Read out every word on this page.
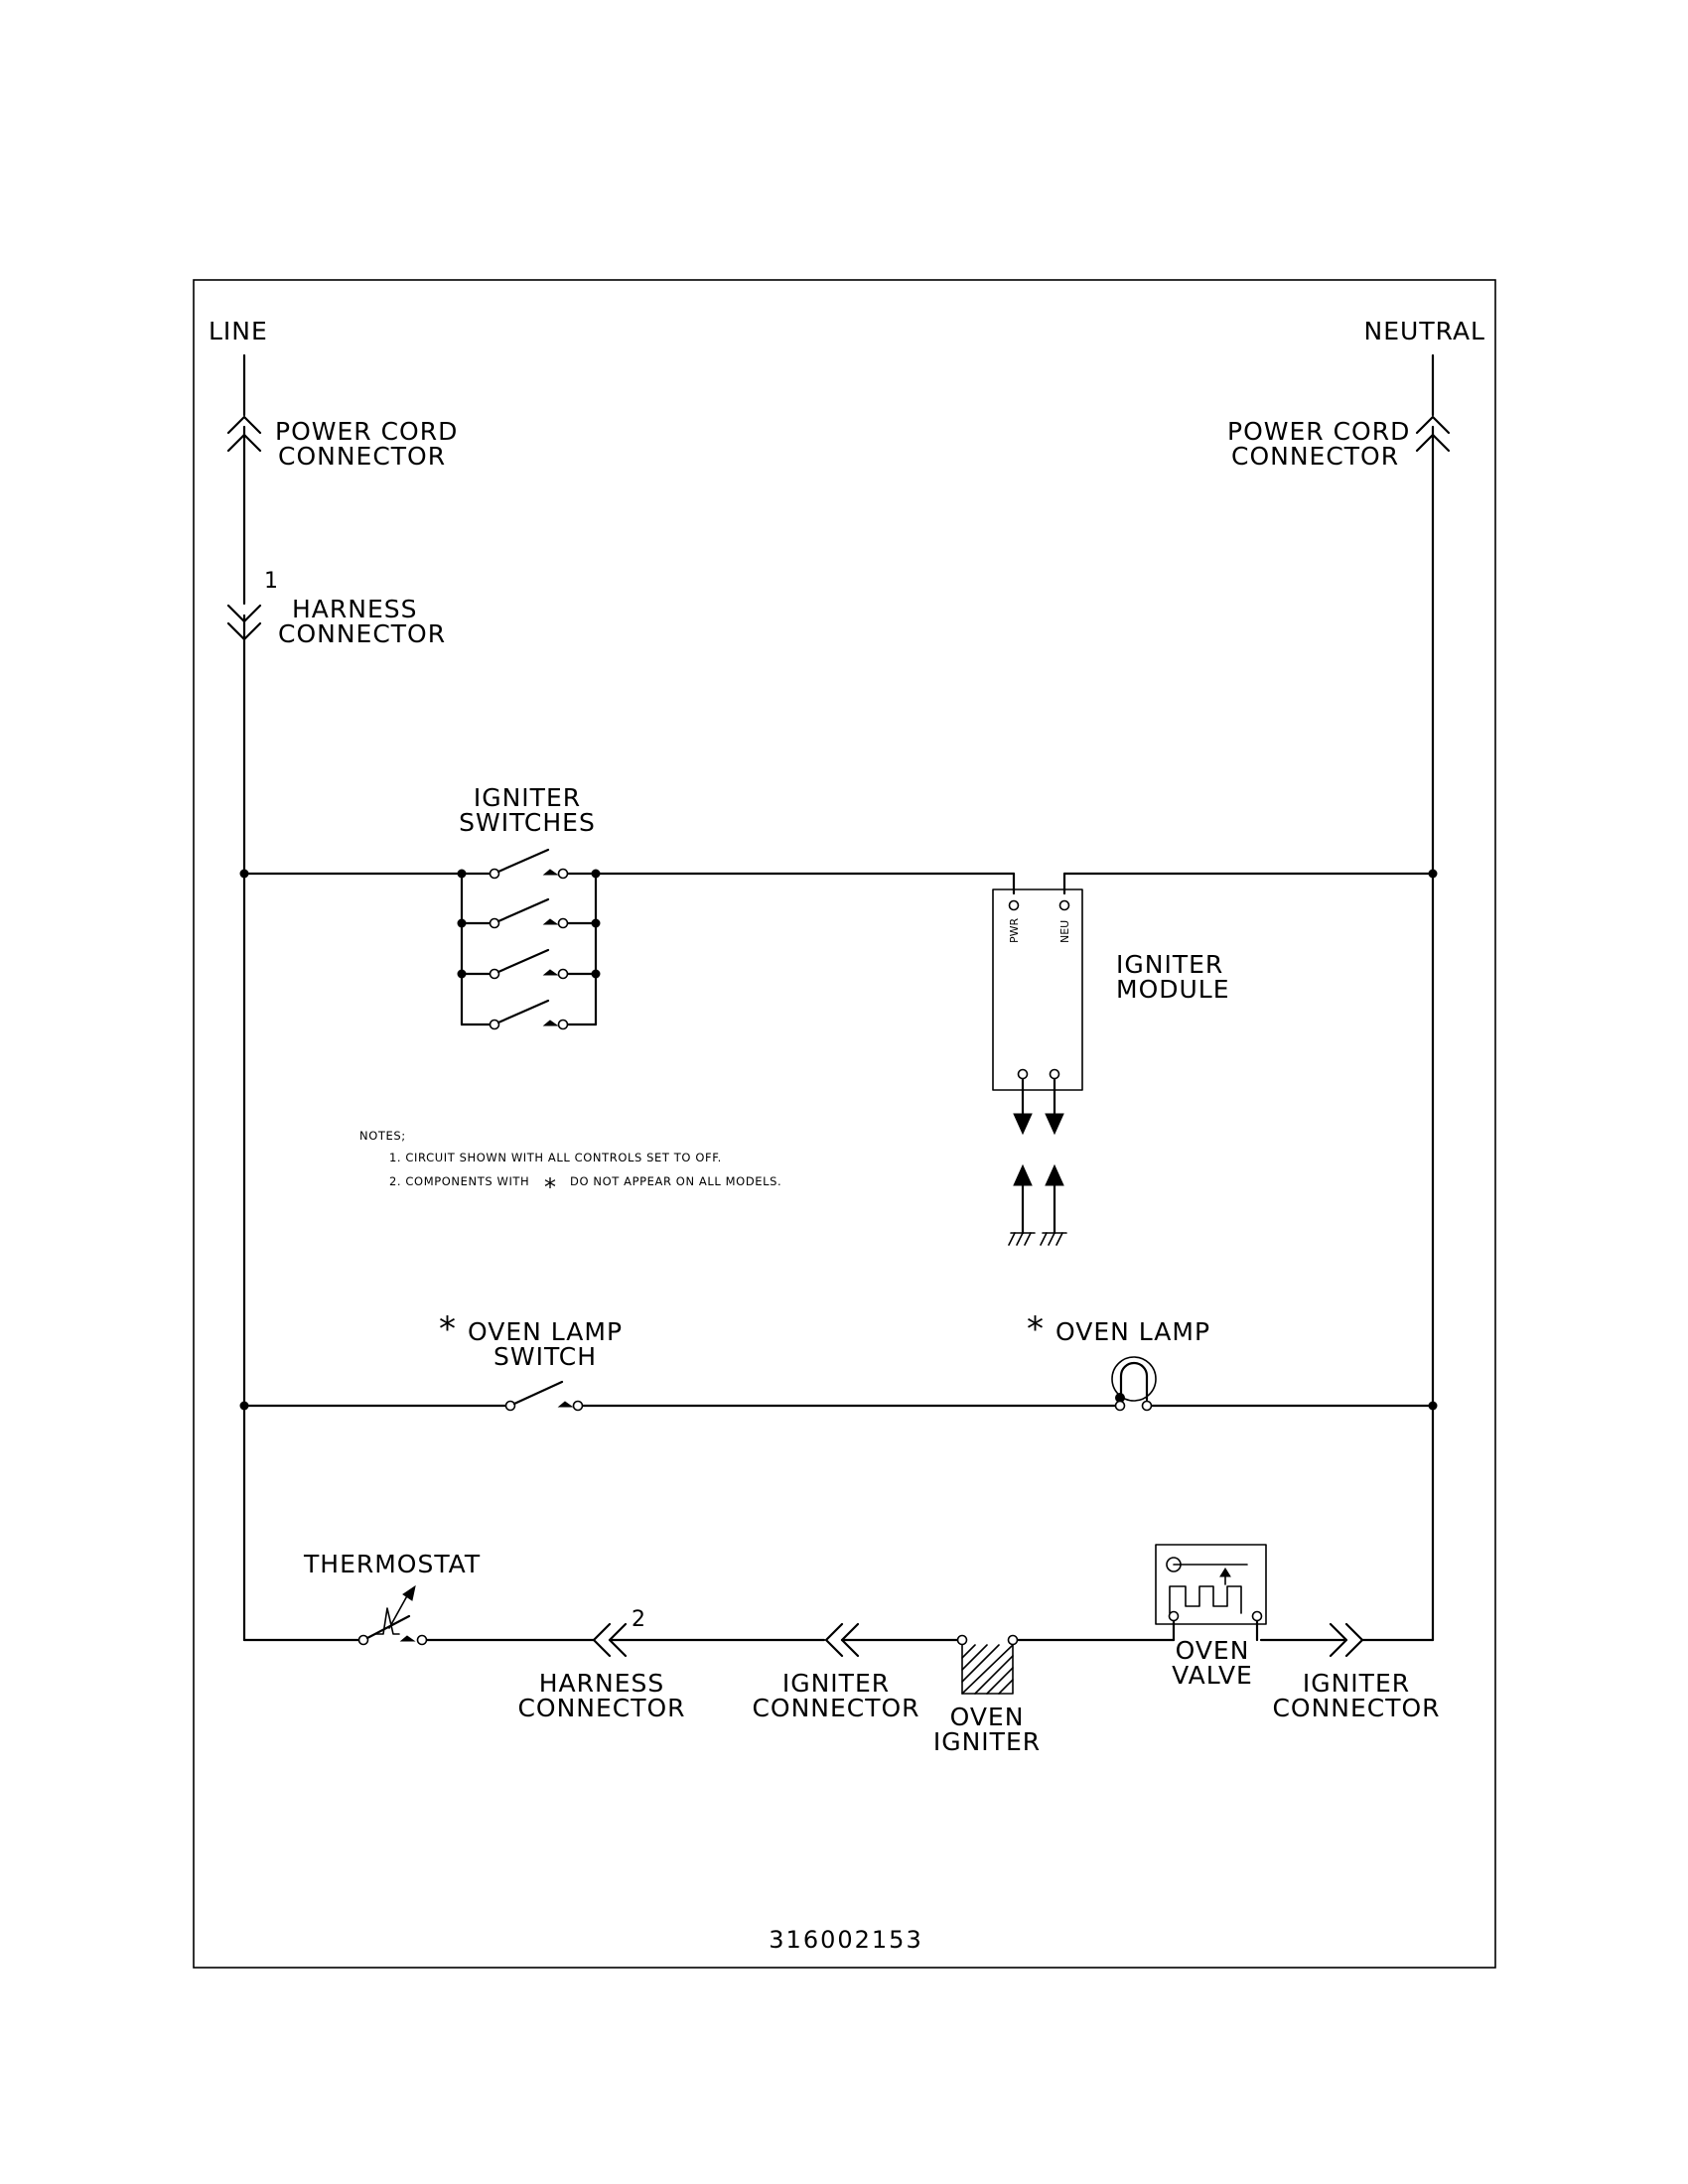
PWR	NEU
LINE	NEUTRAL
POWER CORD
CONNECTOR
POWER CORD
CONNECTOR
1
HARNESS
CONNECTOR
IGNITER
SWITCHES
IGNITER
MODULE
NOTES;
1. CIRCUIT SHOWN WITH ALL CONTROLS SET TO OFF.
2. COMPONENTS WITH * DO NOT APPEAR ON ALL MODELS.
* OVEN LAMP
SWITCH
* OVEN LAMP
THERMOSTAT
2
HARNESS
CONNECTOR
IGNITER
CONNECTOR OVEN
IGNITER
OVEN
VALVE IGNITER
CONNECTOR
316002153
